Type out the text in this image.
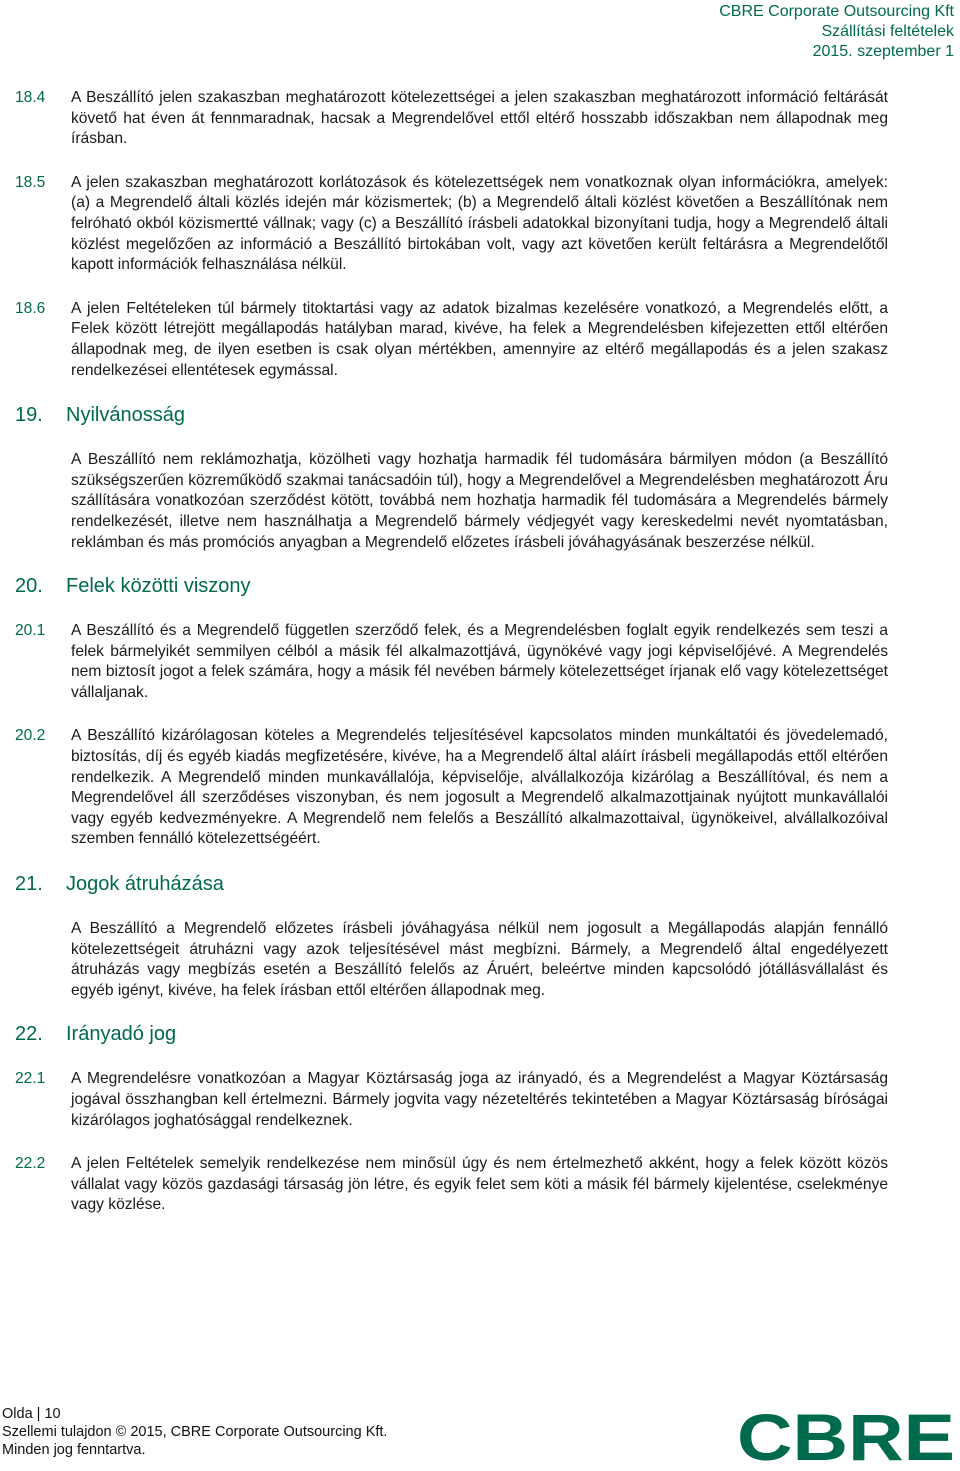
CBRE Corporate Outsourcing Kft
Szállítási feltételek
2015. szeptember 1
18.4	A Beszállító jelen szakaszban meghatározott kötelezettségei a jelen szakaszban meghatározott információ feltárását követő hat éven át fennmaradnak, hacsak a Megrendelővel ettől eltérő hosszabb időszakban nem állapodnak meg írásban.
18.5	A jelen szakaszban meghatározott korlátozások és kötelezettségek nem vonatkoznak olyan információkra, amelyek: (a) a Megrendelő általi közlés idején már közismertek; (b) a Megrendelő általi közlést követően a Beszállítónak nem felróható okból közismertté vállnak; vagy (c) a Beszállító írásbeli adatokkal bizonyítani tudja, hogy a Megrendelő általi közlést megelőzően az információ a Beszállító birtokában volt, vagy azt követően került feltárásra a Megrendelőtől kapott információk felhasználása nélkül.
18.6	A jelen Feltételeken túl bármely titoktartási vagy az adatok bizalmas kezelésére vonatkozó, a Megrendelés előtt, a Felek között létrejött megállapodás hatályban marad, kivéve, ha felek a Megrendelésben kifejezetten ettől eltérően állapodnak meg, de ilyen esetben is csak olyan mértékben, amennyire az eltérő megállapodás és a jelen szakasz rendelkezései ellentétesek egymással.
19.	Nyilvánosság
A Beszállító nem reklámozhatja, közölheti vagy hozhatja harmadik fél tudomására bármilyen módon (a Beszállító szükségszerűen közreműködő szakmai tanácsadóin túl), hogy a Megrendelővel a Megrendelésben meghatározott Áru szállítására vonatkozóan szerződést kötött, továbbá nem hozhatja harmadik fél tudomására a Megrendelés bármely rendelkezését, illetve nem használhatja a Megrendelő bármely védjegyét vagy kereskedelmi nevét nyomtatásban, reklámban és más promóciós anyagban a Megrendelő előzetes írásbeli jóváhagyásának beszerzése nélkül.
20.	Felek közötti viszony
20.1	A Beszállító és a Megrendelő független szerződő felek, és a Megrendelésben foglalt egyik rendelkezés sem teszi a felek bármelyikét semmilyen célból a másik fél alkalmazottjává, ügynökévé vagy jogi képviselőjévé. A Megrendelés nem biztosít jogot a felek számára, hogy a másik fél nevében bármely kötelezettséget írjanak elő vagy kötelezettséget vállaljanak.
20.2	A Beszállító kizárólagosan köteles a Megrendelés teljesítésével kapcsolatos minden munkáltatói és jövedelemadó, biztosítás, díj és egyéb kiadás megfizetésére, kivéve, ha a Megrendelő által aláírt írásbeli megállapodás ettől eltérően rendelkezik. A Megrendelő minden munkavállalója, képviselője, alvállalkozója kizárólag a Beszállítóval, és nem a Megrendelővel áll szerződéses viszonyban, és nem jogosult a Megrendelő alkalmazottjainak nyújtott munkavállalói vagy egyéb kedvezményekre. A Megrendelő nem felelős a Beszállító alkalmazottaival, ügynökeivel, alvállalkozóival szemben fennálló kötelezettségéért.
21.	Jogok átruházása
A Beszállító a Megrendelő előzetes írásbeli jóváhagyása nélkül nem jogosult a Megállapodás alapján fennálló kötelezettségeit átruházni vagy azok teljesítésével mást megbízni. Bármely, a Megrendelő által engedélyezett átruházás vagy megbízás esetén a Beszállító felelős az Áruért, beleértve minden kapcsolódó jótállásvállalást és egyéb igényt, kivéve, ha felek írásban ettől eltérően állapodnak meg.
22.	Irányadó jog
22.1	A Megrendelésre vonatkozóan a Magyar Köztársaság joga az irányadó, és a Megrendelést a Magyar Köztársaság jogával összhangban kell értelmezni. Bármely jogvita vagy nézeteltérés tekintetében a Magyar Köztársaság bíróságai kizárólagos joghatósággal rendelkeznek.
22.2	A jelen Feltételek semelyik rendelkezése nem minősül úgy és nem értelmezhető akként, hogy a felek között közös vállalat vagy közös gazdasági társaság jön létre, és egyik felet sem köti a másik fél bármely kijelentése, cselekménye vagy közlése.
Olda | 10
Szellemi tulajdon © 2015, CBRE Corporate Outsourcing Kft.
Minden jog fenntartva.	CBRE
